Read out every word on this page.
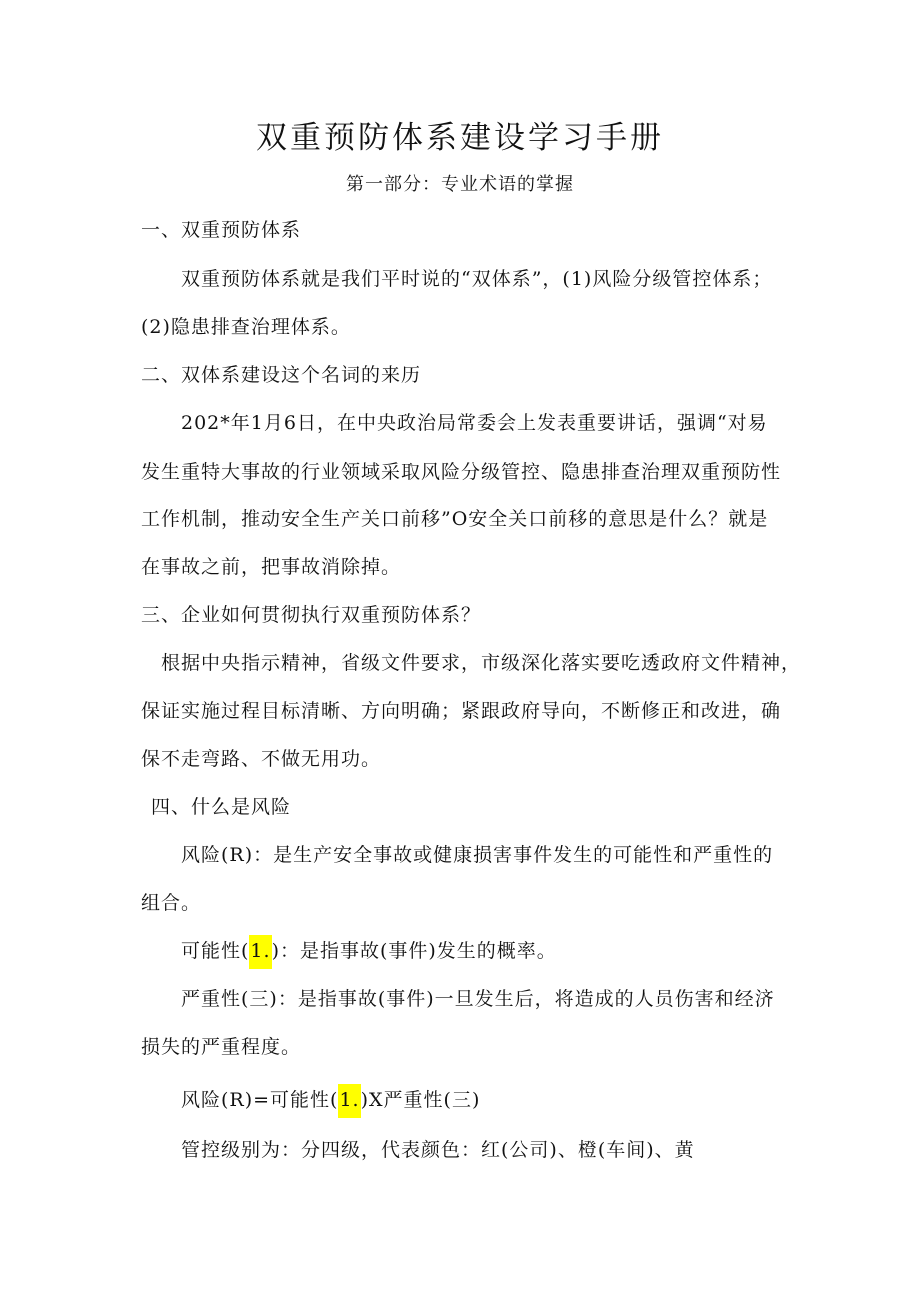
双重预防体系建设学习手册
第一部分：专业术语的掌握
一、双重预防体系
双重预防体系就是我们平时说的“双体系”，(1)风险分级管控体系；
(2)隐患排查治理体系。
二、双体系建设这个名词的来历
202*年1月6日，在中央政治局常委会上发表重要讲话，强调“对易
发生重特大事故的行业领域采取风险分级管控、隐患排查治理双重预防性
工作机制，推动安全生产关口前移”O安全关口前移的意思是什么？就是
在事故之前，把事故消除掉。
三、企业如何贯彻执行双重预防体系？
根据中央指示精神，省级文件要求，市级深化落实要吃透政府文件精神，
保证实施过程目标清晰、方向明确；紧跟政府导向，不断修正和改进，确
保不走弯路、不做无用功。
四、什么是风险
风险(R)：是生产安全事故或健康损害事件发生的可能性和严重性的
组合。
可能性(1.)：是指事故(事件)发生的概率。
严重性(三)：是指事故(事件)一旦发生后，将造成的人员伤害和经济
损失的严重程度。
风险(R)=可能性(1.)X严重性(三)
管控级别为：分四级，代表颜色：红(公司)、橙(车间)、黄
